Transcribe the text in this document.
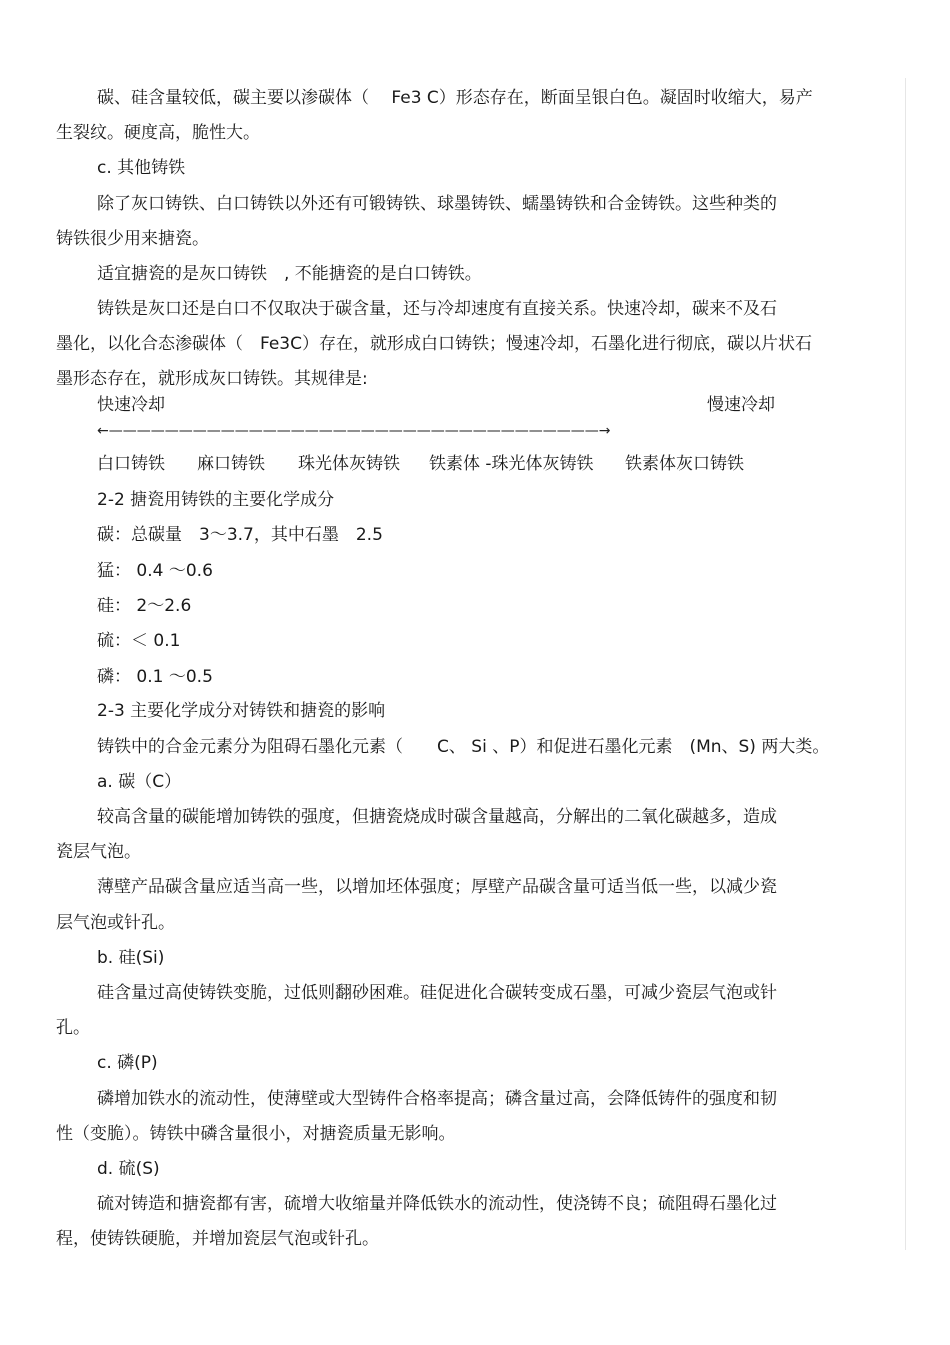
碳、硅含量较低，碳主要以渗碳体（　 Fe3 C）形态存在，断面呈银白色。凝固时收缩大，易产
生裂纹。硬度高，脆性大。
c. 其他铸铁
除了灰口铸铁、白口铸铁以外还有可锻铸铁、球墨铸铁、蠕墨铸铁和合金铸铁。这些种类的
铸铁很少用来搪瓷。
适宜搪瓷的是灰口铸铁　, 不能搪瓷的是白口铸铁。
铸铁是灰口还是白口不仅取决于碳含量，还与冷却速度有直接关系。快速冷却，碳来不及石
墨化，以化合态渗碳体（　Fe3C）存在，就形成白口铸铁；慢速冷却，石墨化进行彻底，碳以片状石
墨形态存在，就形成灰口铸铁。其规律是:
快速冷却	慢速冷却
←———————————————————————————————————→
白口铸铁 麻口铸铁 珠光体灰铸铁 铁素体 -珠光体灰铸铁 铁素体灰口铸铁
2-2 搪瓷用铸铁的主要化学成分
碳：总碳量　3～3.7，其中石墨　2.5
猛： 0.4 ～0.6
硅： 2～2.6
硫：＜ 0.1
磷： 0.1 ～0.5
2-3 主要化学成分对铸铁和搪瓷的影响
铸铁中的合金元素分为阻碍石墨化元素（　　C、 Si 、P）和促进石墨化元素　(Mn、S) 两大类。
a. 碳（C）
较高含量的碳能增加铸铁的强度，但搪瓷烧成时碳含量越高，分解出的二氧化碳越多，造成
瓷层气泡。
薄壁产品碳含量应适当高一些，以增加坯体强度；厚壁产品碳含量可适当低一些，以减少瓷
层气泡或针孔。
b. 硅(Si)
硅含量过高使铸铁变脆，过低则翻砂困难。硅促进化合碳转变成石墨，可减少瓷层气泡或针
孔。
c. 磷(P)
磷增加铁水的流动性，使薄壁或大型铸件合格率提高；磷含量过高，会降低铸件的强度和韧
性（变脆）。铸铁中磷含量很小，对搪瓷质量无影响。
d. 硫(S)
硫对铸造和搪瓷都有害，硫增大收缩量并降低铁水的流动性，使浇铸不良；硫阻碍石墨化过
程，使铸铁硬脆，并增加瓷层气泡或针孔。
